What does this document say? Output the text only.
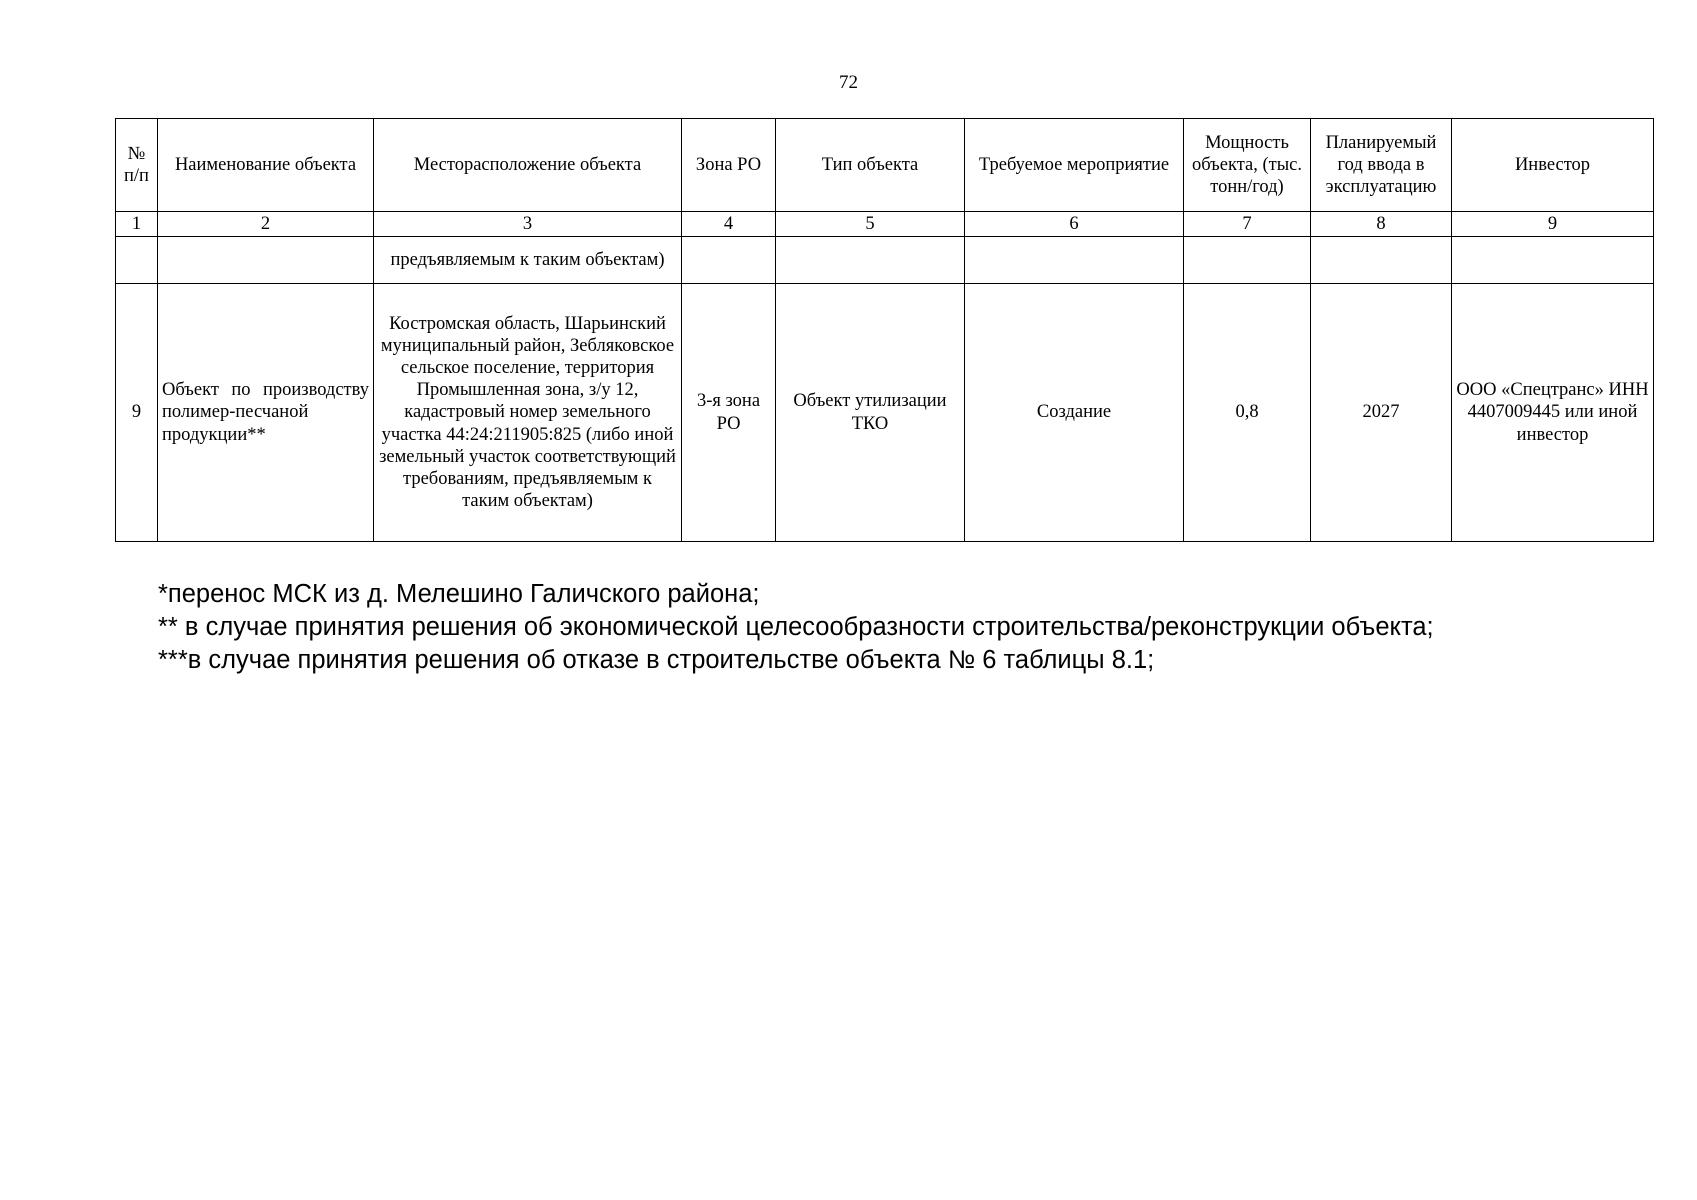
72
№ п/п	Наименование объекта	Месторасположение объекта	Зона РО	Тип объекта	Требуемое мероприятие	Мощность объекта, (тыс. тонн/год)	Планируемый год ввода в эксплуатацию	Инвестор
1	2	3	4	5	6	7	8	9
		предъявляемым к таким объектам)						
9	Объект по производству полимер-песчаной продукции**	Костромская область, Шарьинский муниципальный район, Зебляковское сельское поселение, территория Промышленная зона, з/у 12, кадастровый номер земельного участка 44:24:211905:825 (либо иной земельный участок соответствующий требованиям, предъявляемым к таким объектам)	3-я зона РО	Объект утилизации ТКО	Создание	0,8	2027	ООО «Спецтранс» ИНН 4407009445 или иной инвестор

*перенос МСК из д. Мелешино Галичского района;

** в случае принятия решения об экономической целесообразности строительства/реконструкции объекта;

***в случае принятия решения об отказе в строительстве объекта № 6 таблицы 8.1;
